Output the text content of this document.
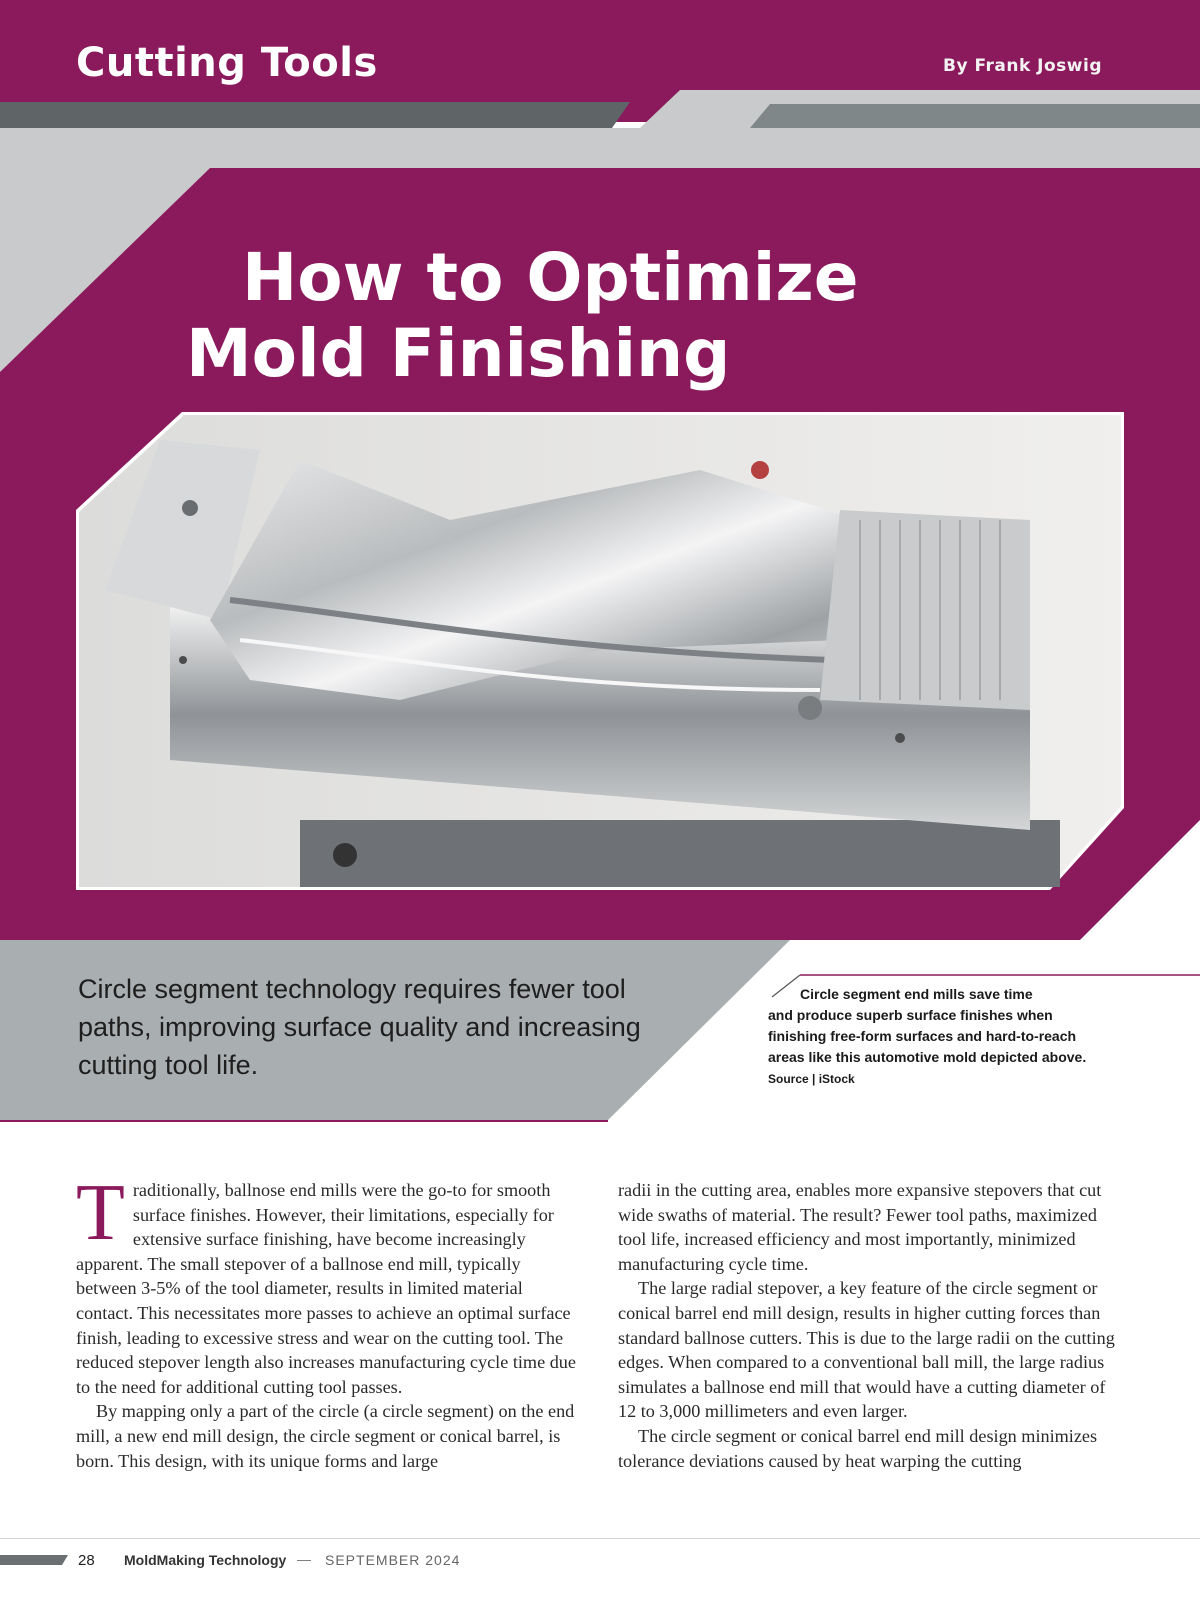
Cutting Tools	By Frank Joswig
How to Optimize
Mold Finishing
Circle segment technology requires fewer tool paths, improving surface quality and increasing cutting tool life.
Circle segment end mills save time
and produce superb surface finishes when finishing free-form surfaces and hard-to-reach areas like this automotive mold depicted above. Source | iStock

Traditionally, ballnose end mills were the go-to for smooth surface finishes. However, their limitations, especially for extensive surface finishing, have become increasingly apparent. The small stepover of a ballnose end mill, typically between 3-5% of the tool diameter, results in limited material contact. This necessitates more passes to achieve an optimal surface finish, leading to excessive stress and wear on the cutting tool. The reduced stepover length also increases manufacturing cycle time due to the need for additional cutting tool passes.

By mapping only a part of the circle (a circle segment) on the end mill, a new end mill design, the circle segment or conical barrel, is born. This design, with its unique forms and large

radii in the cutting area, enables more expansive stepovers that cut wide swaths of material. The result? Fewer tool paths, maximized tool life, increased efficiency and most importantly, minimized manufacturing cycle time.

The large radial stepover, a key feature of the circle segment or conical barrel end mill design, results in higher cutting forces than standard ballnose cutters. This is due to the large radii on the cutting edges. When compared to a conventional ball mill, the large radius simulates a ballnose end mill that would have a cutting diameter of 12 to 3,000 millimeters and even larger.

The circle segment or conical barrel end mill design minimizes tolerance deviations caused by heat warping the cutting

28 MoldMaking Technology — SEPTEMBER 2024
